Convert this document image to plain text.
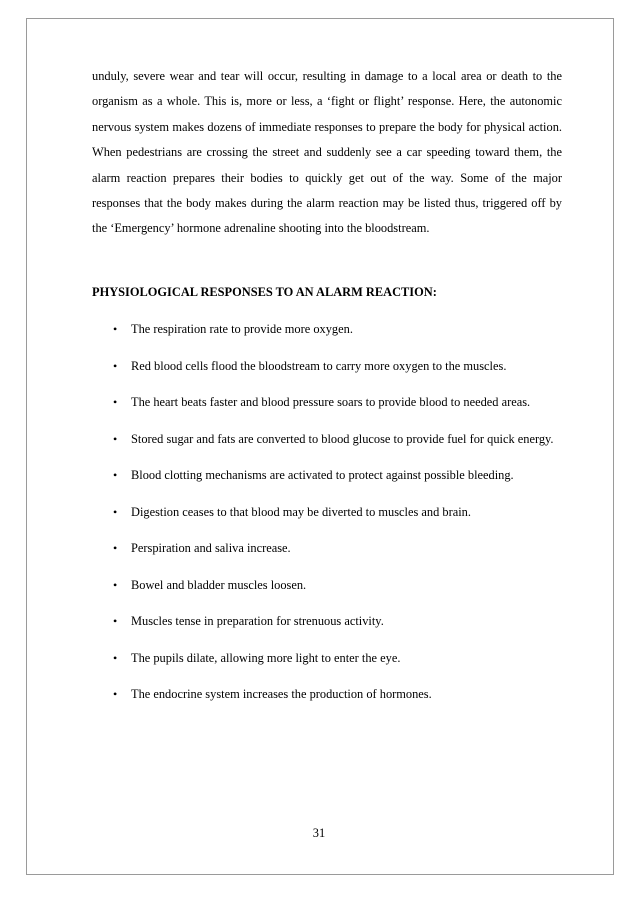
unduly, severe wear and tear will occur, resulting in damage to a local area or death to the organism as a whole. This is, more or less, a ‘fight or flight’ response. Here, the autonomic nervous system makes dozens of immediate responses to prepare the body for physical action. When pedestrians are crossing the street and suddenly see a car speeding toward them, the alarm reaction prepares their bodies to quickly get out of the way. Some of the major responses that the body makes during the alarm reaction may be listed thus, triggered off by the ‘Emergency’ hormone adrenaline shooting into the bloodstream.

PHYSIOLOGICAL RESPONSES TO AN ALARM REACTION:
•	The respiration rate to provide more oxygen.
•	Red blood cells flood the bloodstream to carry more oxygen to the muscles.
•	The heart beats faster and blood pressure soars to provide blood to needed areas.
•	Stored sugar and fats are converted to blood glucose to provide fuel for quick energy.
•	Blood clotting mechanisms are activated to protect against possible bleeding.
•	Digestion ceases to that blood may be diverted to muscles and brain.
•	Perspiration and saliva increase.
•	Bowel and bladder muscles loosen.
•	Muscles tense in preparation for strenuous activity.
•	The pupils dilate, allowing more light to enter the eye.
•	The endocrine system increases the production of hormones.
31
